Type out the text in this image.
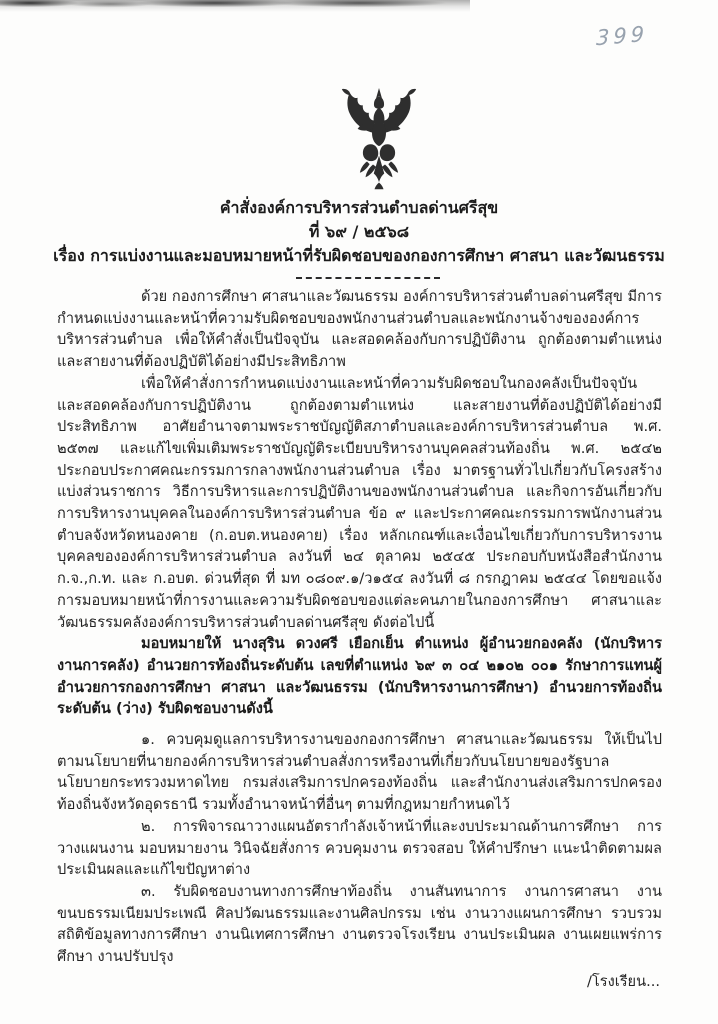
399
คำสั่งองค์การบริหารส่วนตำบลด่านศรีสุข
ที่ ๖๙ / ๒๕๖๘
เรื่อง การแบ่งงานและมอบหมายหน้าที่รับผิดชอบของกองการศึกษา ศาสนา และวัฒนธรรม

ด้วย กองการศึกษา ศาสนาและวัฒนธรรม องค์การบริหารส่วนตำบลด่านศรีสุข มีการกำหนดแบ่งงานและหน้าที่ความรับผิดชอบของพนักงานส่วนตำบลและพนักงานจ้างขององค์การบริหารส่วนตำบล เพื่อให้คำสั่งเป็นปัจจุบัน และสอดคล้องกับการปฏิบัติงาน ถูกต้องตามตำแหน่ง และสายงานที่ต้องปฏิบัติได้อย่างมีประสิทธิภาพ

เพื่อให้คำสั่งการกำหนดแบ่งงานและหน้าที่ความรับผิดชอบในกองคลังเป็นปัจจุบัน และสอดคล้องกับการปฏิบัติงาน ถูกต้องตามตำแหน่ง และสายงานที่ต้องปฏิบัติได้อย่างมีประสิทธิภาพ อาศัยอำนาจตามพระราชบัญญัติสภาตำบลและองค์การบริหารส่วนตำบล พ.ศ. ๒๕๓๗ และแก้ไขเพิ่มเติมพระราชบัญญัติระเบียบบริหารงานบุคคลส่วนท้องถิ่น พ.ศ. ๒๕๔๒ ประกอบประกาศคณะกรรมการกลางพนักงานส่วนตำบล เรื่อง มาตรฐานทั่วไปเกี่ยวกับโครงสร้างแบ่งส่วนราชการ วิธีการบริหารและการปฏิบัติงานของพนักงานส่วนตำบล และกิจการอันเกี่ยวกับการบริหารงานบุคคลในองค์การบริหารส่วนตำบล ข้อ ๙ และประกาศคณะกรรมการพนักงานส่วนตำบลจังหวัดหนองคาย (ก.อบต.หนองคาย) เรื่อง หลักเกณฑ์และเงื่อนไขเกี่ยวกับการบริหารงานบุคคลขององค์การบริหารส่วนตำบล ลงวันที่ ๒๔ ตุลาคม ๒๕๔๕ ประกอบกับหนังสือสำนักงาน ก.จ.,ก.ท. และ ก.อบต. ด่วนที่สุด ที่ มท ๐๘๐๙.๑/ว๑๕๔ ลงวันที่ ๘ กรกฎาคม ๒๕๔๔ โดยขอแจ้งการมอบหมายหน้าที่การงานและความรับผิดชอบของแต่ละคนภายในกองการศึกษา ศาสนาและวัฒนธรรมคลังองค์การบริหารส่วนตำบลด่านศรีสุข ดังต่อไปนี้

มอบหมายให้ นางสุริน ดวงศรี เยือกเย็น ตำแหน่ง ผู้อำนวยกองคลัง (นักบริหารงานการคลัง) อำนวยการท้องถิ่นระดับต้น เลขที่ตำแหน่ง ๖๙ ๓ ๐๔ ๒๑๐๒ ๐๐๑ รักษาการแทนผู้อำนวยการกองการศึกษา ศาสนา และวัฒนธรรม (นักบริหารงานการศึกษา) อำนวยการท้องถิ่นระดับต้น (ว่าง) รับผิดชอบงานดังนี้

๑. ควบคุมดูแลการบริหารงานของกองการศึกษา ศาสนาและวัฒนธรรม ให้เป็นไปตามนโยบายที่นายกองค์การบริหารส่วนตำบลสั่งการหรืองานที่เกี่ยวกับนโยบายของรัฐบาล นโยบายกระทรวงมหาดไทย กรมส่งเสริมการปกครองท้องถิ่น และสำนักงานส่งเสริมการปกครองท้องถิ่นจังหวัดอุดรธานี รวมทั้งอำนาจหน้าที่อื่นๆ ตามที่กฎหมายกำหนดไว้

๒. การพิจารณาวางแผนอัตรากำลังเจ้าหน้าที่และงบประมาณด้านการศึกษา การวางแผนงาน มอบหมายงาน วินิจฉัยสั่งการ ควบคุมงาน ตรวจสอบ ให้คำปรึกษา แนะนำติดตามผลประเมินผลและแก้ไขปัญหาต่าง

๓. รับผิดชอบงานทางการศึกษาท้องถิ่น งานสันทนาการ งานการศาสนา งานขนบธรรมเนียมประเพณี ศิลปวัฒนธรรมและงานศิลปกรรม เช่น งานวางแผนการศึกษา รวบรวมสถิติข้อมูลทางการศึกษา งานนิเทศการศึกษา งานตรวจโรงเรียน งานประเมินผล งานเผยแพร่การศึกษา งานปรับปรุง

/โรงเรียน...
